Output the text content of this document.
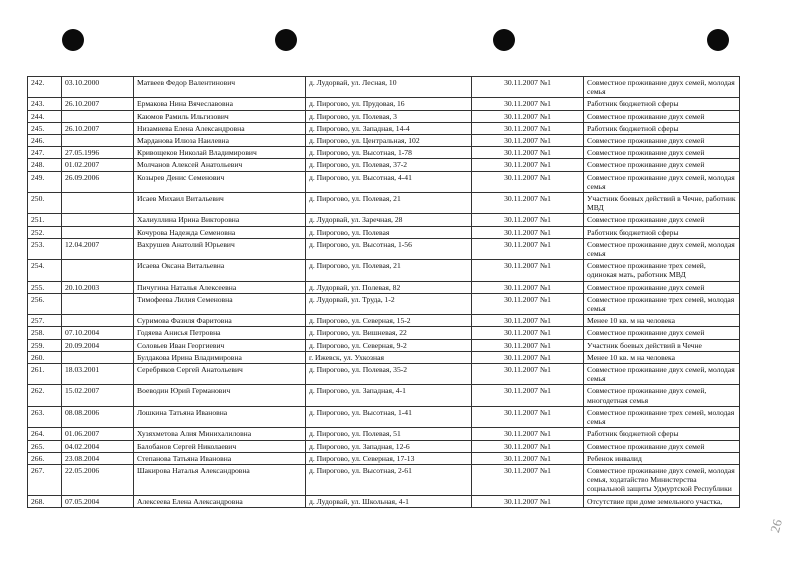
242.	03.10.2000	Матвеев Федор Валентинович	д. Лудорвай, ул. Лесная, 10	30.11.2007 №1	Совместное проживание двух семей, молодая семья
243.	26.10.2007	Ермакова Нина Вячеславовна	д. Пирогово, ул. Прудовая, 16	30.11.2007 №1	Работник бюджетной сферы
244.		Каюмов Рамиль Ильгизович	д. Пирогово, ул. Полевая, 3	30.11.2007 №1	Совместное проживание двух семей
245.	26.10.2007	Низамиева Елена Александровна	д. Пирогово, ул. Западная, 14-4	30.11.2007 №1	Работник бюджетной сферы
246.		Марданова Илюза Наилевна	д. Пирогово, ул. Центральная, 102	30.11.2007 №1	Совместное проживание двух семей
247.	27.05.1996	Кривощеков Николай Владимирович	д. Пирогово, ул. Высотная, 1-78	30.11.2007 №1	Совместное проживание двух семей
248.	01.02.2007	Молчанов Алексей Анатольевич	д. Пирогово, ул. Полевая, 37-2	30.11.2007 №1	Совместное проживание двух семей
249.	26.09.2006	Козырев Денис Семенович	д. Пирогово, ул. Высотная, 4-41	30.11.2007 №1	Совместное проживание двух семей, молодая семья
250.		Исаев Михаил Витальевич	д. Пирогово, ул. Полевая, 21	30.11.2007 №1	Участник боевых действий в Чечне, работник МВД
251.		Халиуллина Ирина Викторовна	д. Лудорвай, ул. Заречная, 28	30.11.2007 №1	Совместное проживание двух семей
252.		Кочурова Надежда Семеновна	д. Пирогово, ул. Полевая	30.11.2007 №1	Работник бюджетной сферы
253.	12.04.2007	Вахрушев Анатолий Юрьевич	д. Пирогово, ул. Высотная, 1-56	30.11.2007 №1	Совместное проживание двух семей, молодая семья
254.		Исаева Оксана Витальевна	д. Пирогово, ул. Полевая, 21	30.11.2007 №1	Совместное проживание трех семей, одинокая мать, работник МВД
255.	20.10.2003	Пичугина Наталья Алексеевна	д. Лудорвай, ул. Полевая, 82	30.11.2007 №1	Совместное проживание двух семей
256.		Тимофеева Лилия Семеновна	д. Лудорвай, ул. Труда, 1-2	30.11.2007 №1	Совместное проживание трех семей, молодая семья
257.		Суримова Фазиля Фаритовна	д. Пирогово, ул. Северная, 15-2	30.11.2007 №1	Менее 10 кв. м на человека
258.	07.10.2004	Годяева Анисья Петровна	д. Пирогово, ул. Вишневая, 22	30.11.2007 №1	Совместное проживание двух семей
259.	20.09.2004	Соловьев Иван Георгиевич	д. Пирогово, ул. Северная, 9-2	30.11.2007 №1	Участник боевых действий в Чечне
260.		Булдакова Ирина Владимировна	г. Ижевск, ул. Ухкозная	30.11.2007 №1	Менее 10 кв. м на человека
261.	18.03.2001	Серебряков Сергей Анатольевич	д. Пирогово, ул. Полевая, 35-2	30.11.2007 №1	Совместное проживание двух семей, молодая семья
262.	15.02.2007	Воеводин Юрий Германович	д. Пирогово, ул. Западная, 4-1	30.11.2007 №1	Совместное проживание двух семей, многодетная семья
263.	08.08.2006	Лошкина Татьяна Ивановна	д. Пирогово, ул. Высотная, 1-41	30.11.2007 №1	Совместное проживание трех семей, молодая семья
264.	01.06.2007	Хузяхметова Алия Минихалиловна	д. Пирогово, ул. Полевая, 51	30.11.2007 №1	Работник бюджетной сферы
265.	04.02.2004	Балобанов Сергей Николаевич	д. Пирогово, ул. Западная, 12-6	30.11.2007 №1	Совместное проживание двух семей
266.	23.08.2004	Степанова Татьяна Ивановна	д. Пирогово, ул. Северная, 17-13	30.11.2007 №1	Ребенок инвалид
267.	22.05.2006	Шакирова Наталья Александровна	д. Пирогово, ул. Высотная, 2-61	30.11.2007 №1	Совместное проживание двух семей, молодая семья, ходатайство Министерства социальной защиты Удмуртской Республики
268.	07.05.2004	Алексеева Елена Александровна	д. Лудорвай, ул. Школьная, 4-1	30.11.2007 №1	Отсутствие при доме земельного участка,
26
